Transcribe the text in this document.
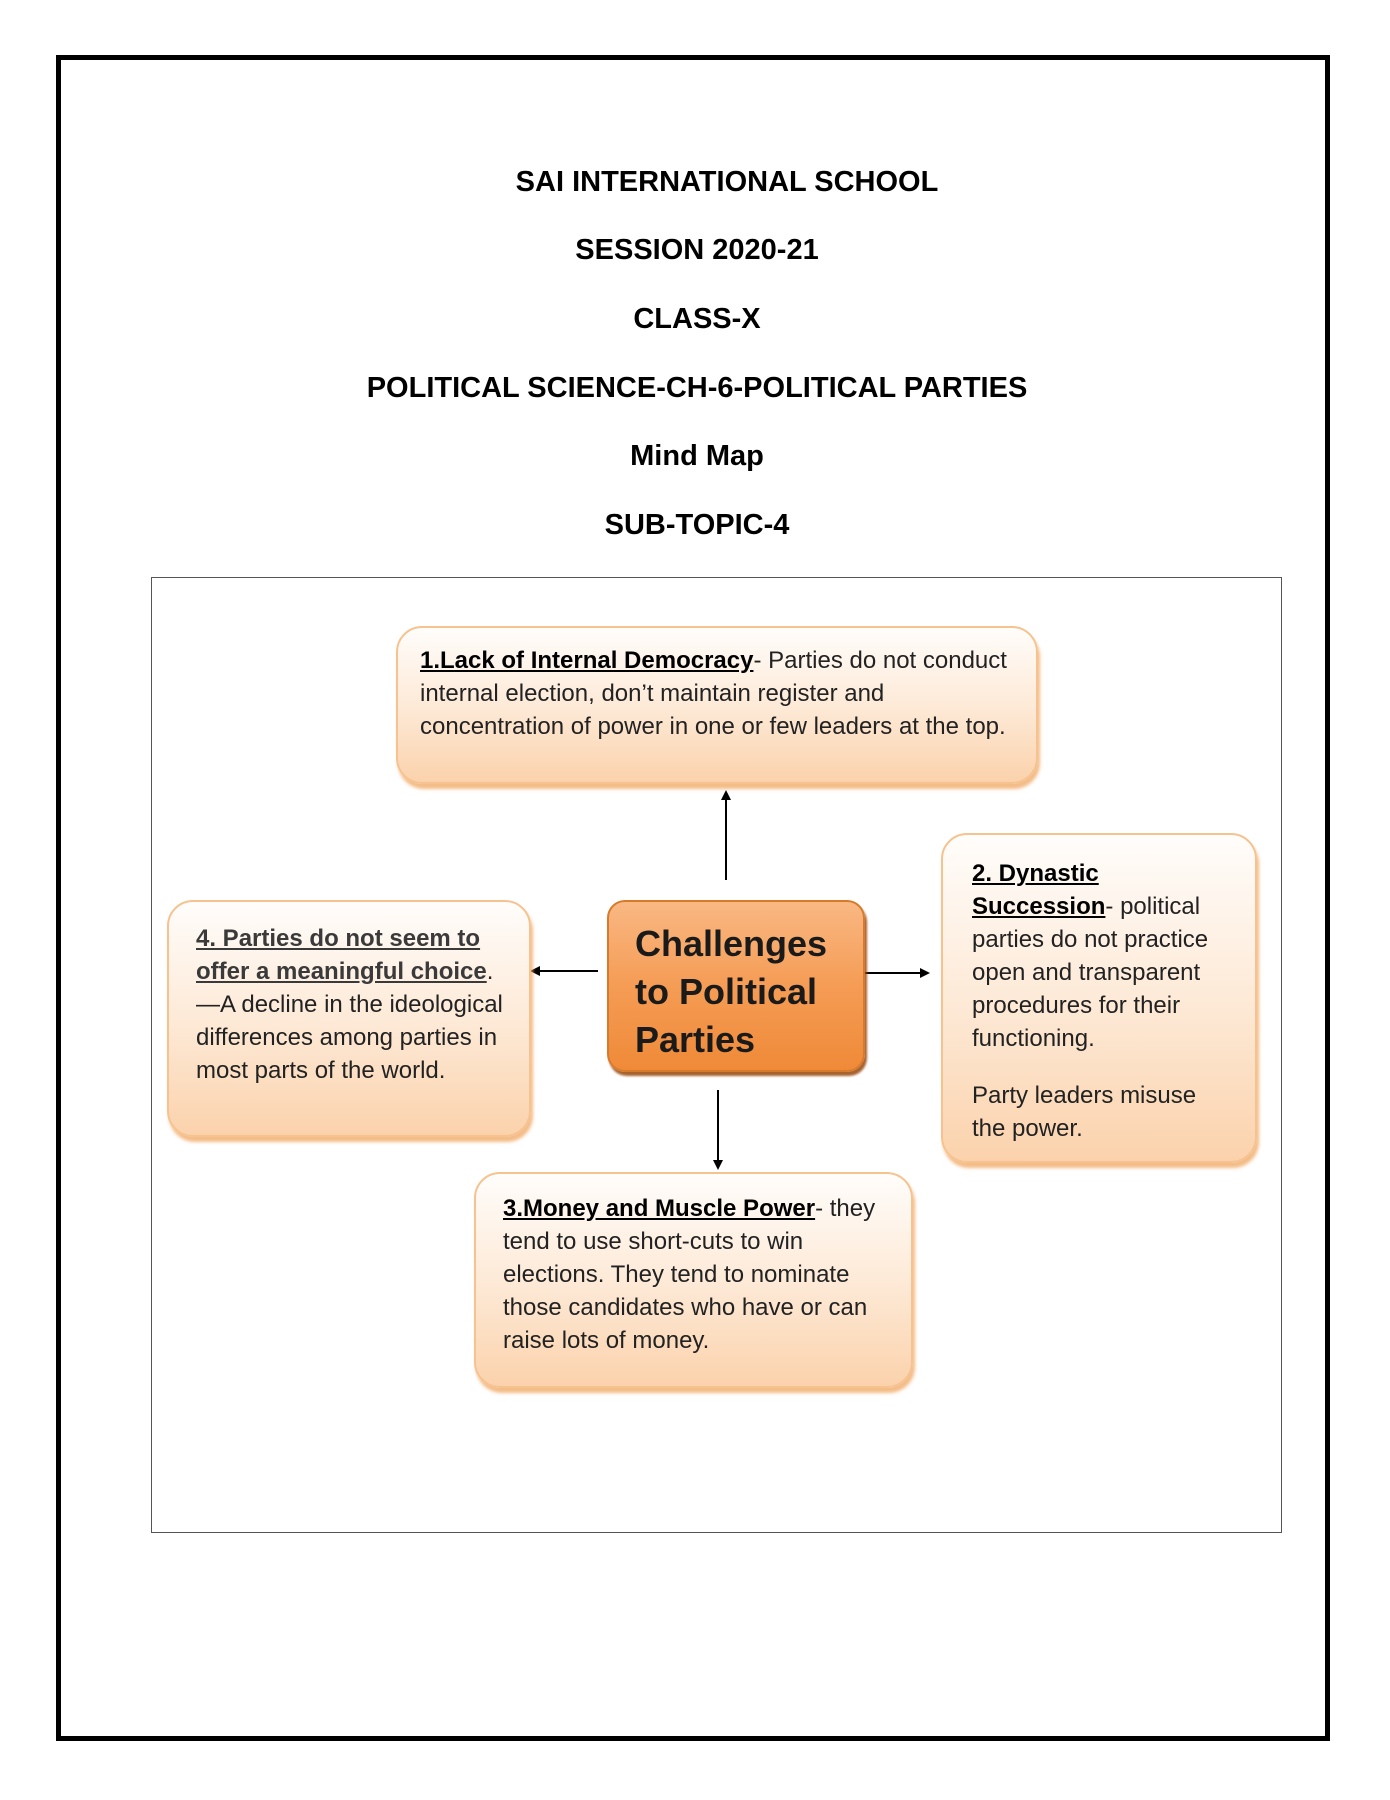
SAI INTERNATIONAL SCHOOL
SESSION 2020-21
CLASS-X
POLITICAL SCIENCE-CH-6-POLITICAL PARTIES
Mind Map
SUB-TOPIC-4
Challenges
to Political
Parties

1.Lack of Internal Democracy- Parties do not conduct internal election, don’t maintain register and concentration of power in one or few leaders at the top.

2. Dynastic
Succession- political parties do not practice open and transparent procedures for their functioning.

Party leaders misuse the power.

4. Parties do not seem to offer a meaningful choice.—A decline in the ideological differences among parties in most parts of the world.

3.Money and Muscle Power- they tend to use short-cuts to win elections. They tend to nominate those candidates who have or can raise lots of money.
